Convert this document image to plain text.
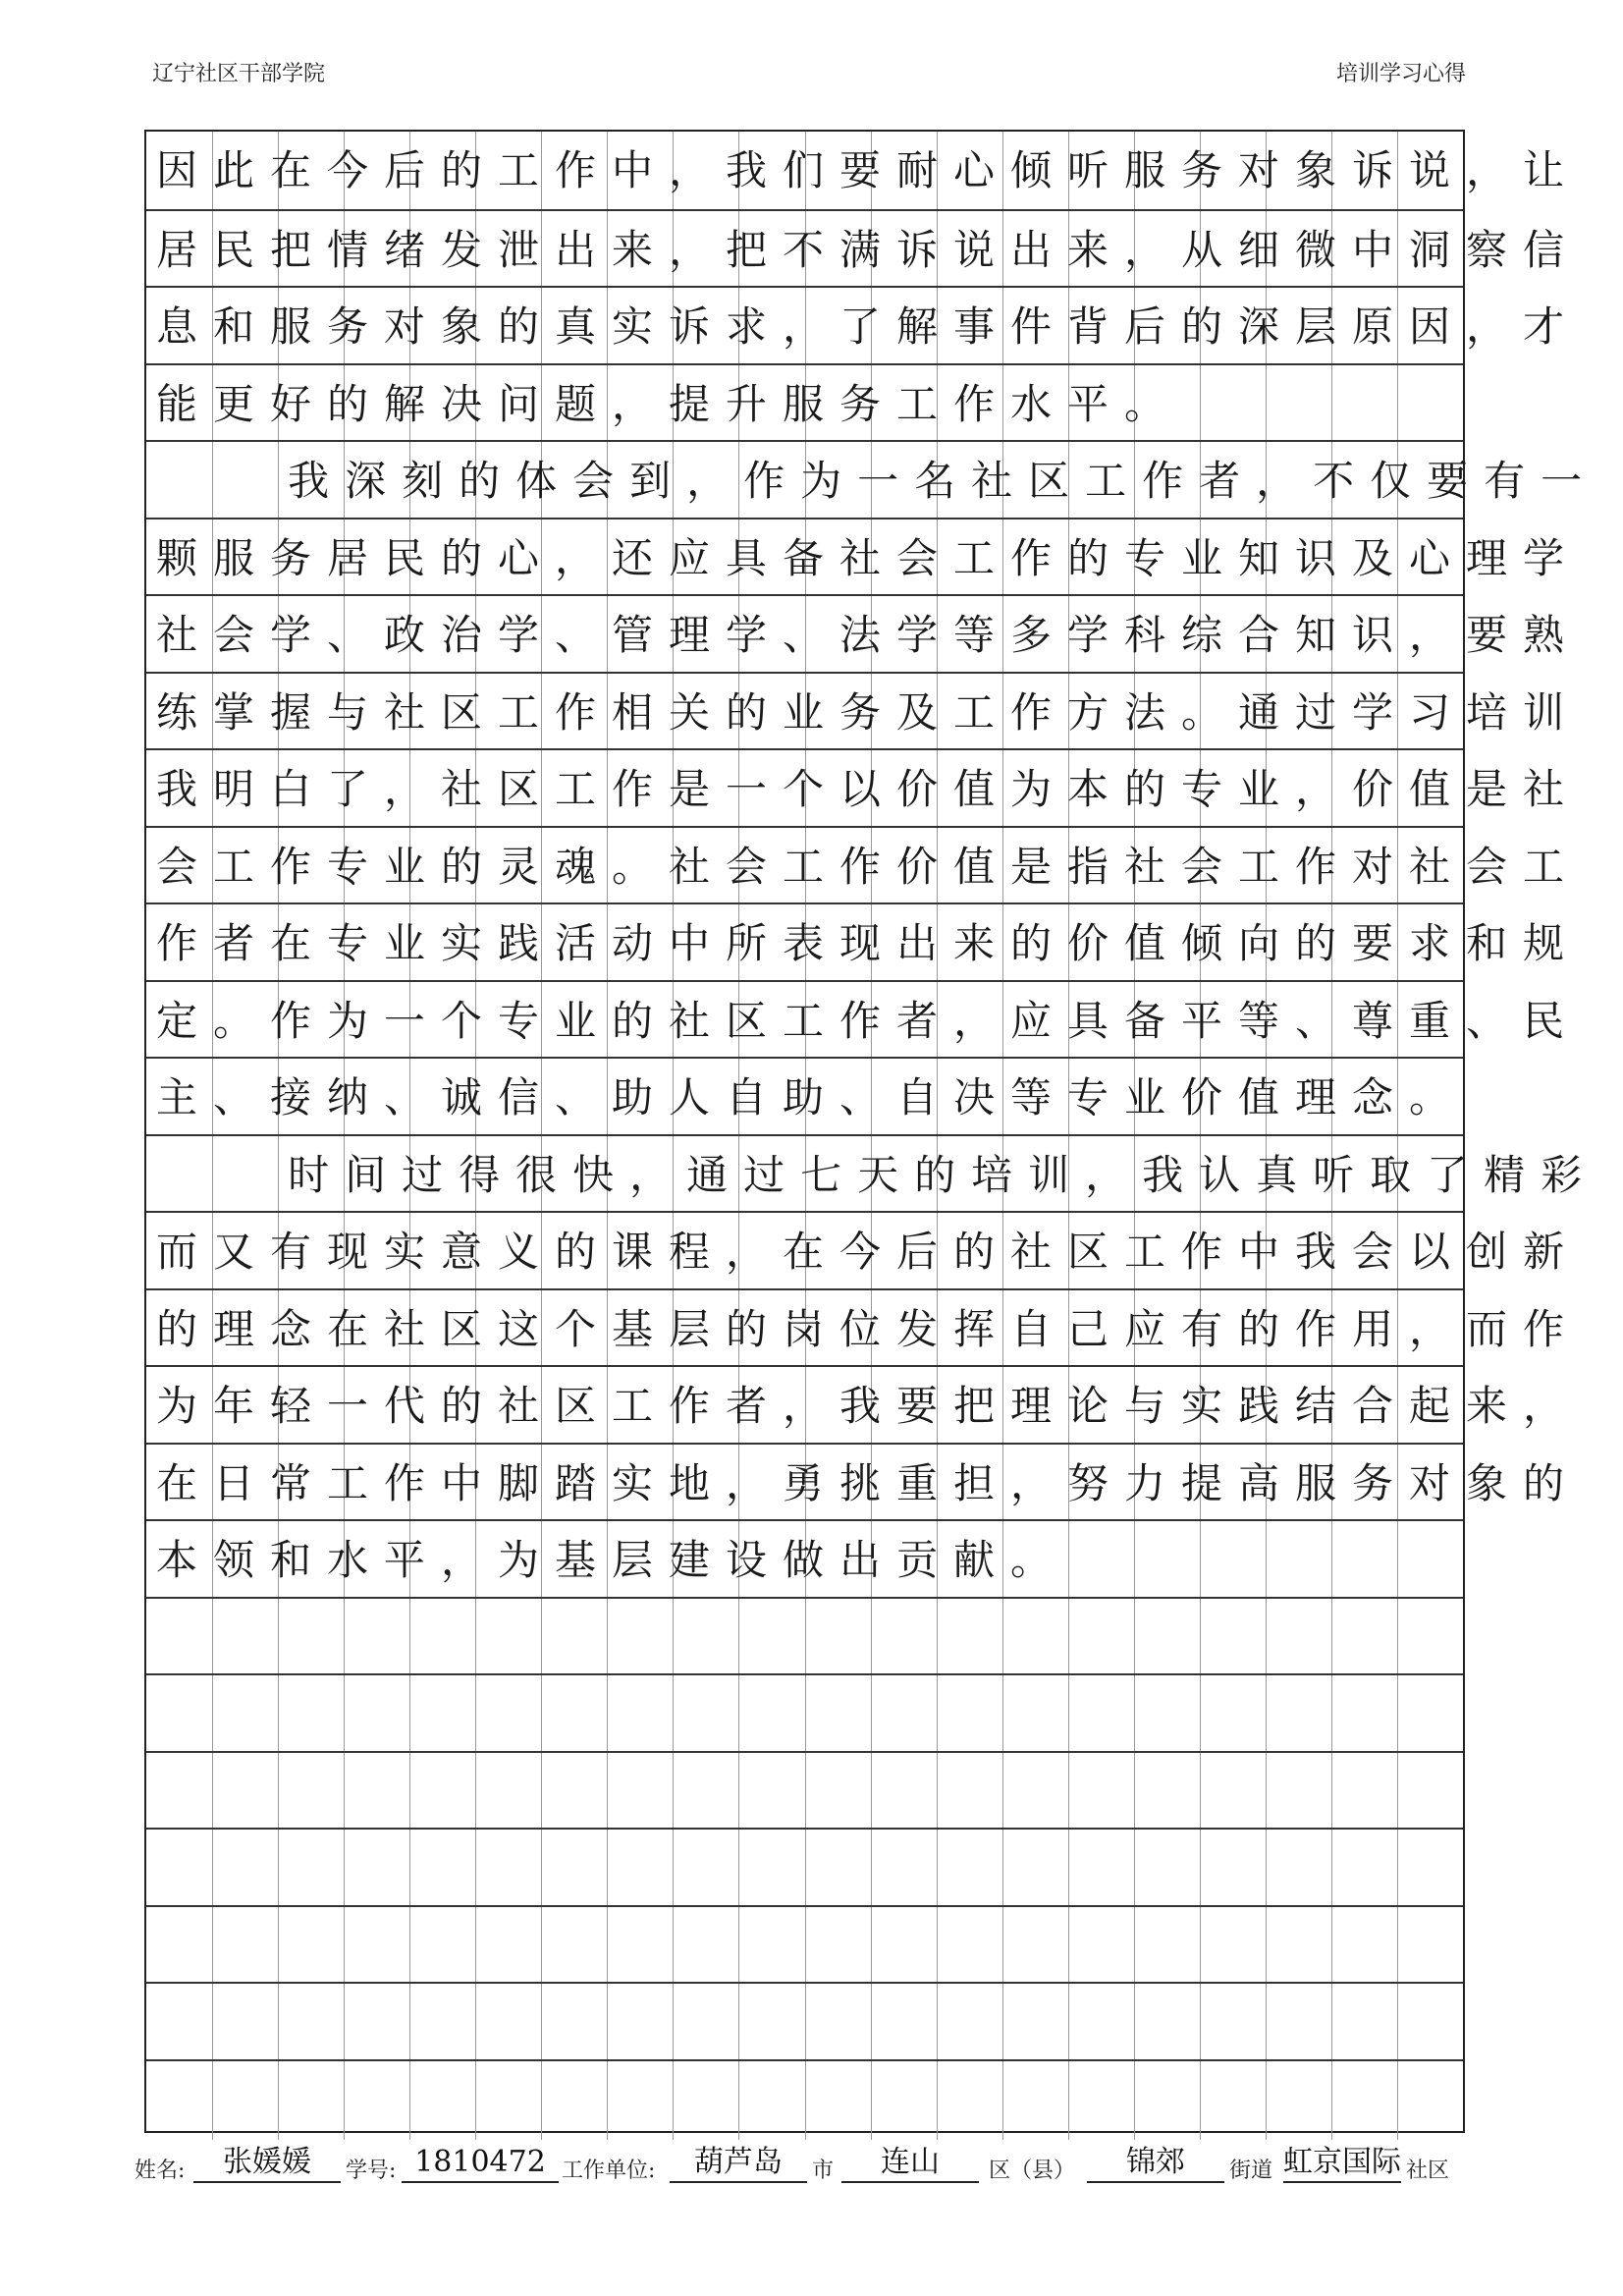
辽宁社区干部学院	培训学习心得
因此在今后的工作中，我们要耐心倾听服务对象诉说，让
居民把情绪发泄出来，把不满诉说出来，从细微中洞察信
息和服务对象的真实诉求，了解事件背后的深层原因，才
能更好的解决问题，提升服务工作水平。
我深刻的体会到，作为一名社区工作者，不仅要有一
颗服务居民的心，还应具备社会工作的专业知识及心理学
社会学、政治学、管理学、法学等多学科综合知识，要熟
练掌握与社区工作相关的业务及工作方法。通过学习培训
我明白了，社区工作是一个以价值为本的专业，价值是社
会工作专业的灵魂。社会工作价值是指社会工作对社会工
作者在专业实践活动中所表现出来的价值倾向的要求和规
定。作为一个专业的社区工作者，应具备平等、尊重、民
主、接纳、诚信、助人自助、自决等专业价值理念。
时间过得很快，通过七天的培训，我认真听取了精彩
而又有现实意义的课程，在今后的社区工作中我会以创新
的理念在社区这个基层的岗位发挥自己应有的作用，而作
为年轻一代的社区工作者，我要把理论与实践结合起来，
在日常工作中脚踏实地，勇挑重担，努力提高服务对象的
本领和水平，为基层建设做出贡献。
姓名:	张媛媛	学号: 1810472 工作单位:	葫芦岛	市	连山	区（县）	锦郊	街道 虹京国际 社区
